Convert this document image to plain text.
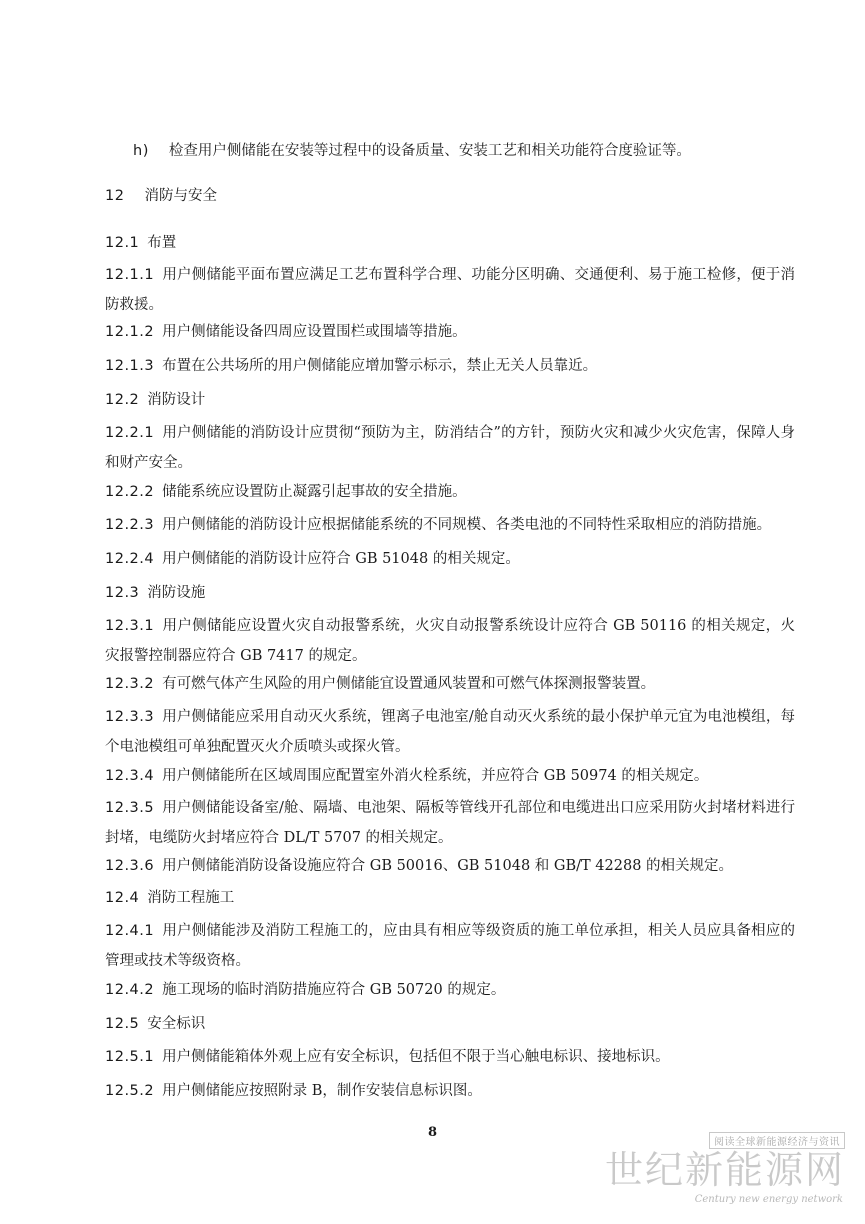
h) 检查用户侧储能在安装等过程中的设备质量、安装工艺和相关功能符合度验证等。
12 消防与安全
12.1 布置
12.1.1 用户侧储能平面布置应满足工艺布置科学合理、功能分区明确、交通便利、易于施工检修，便于消防救援。
12.1.2 用户侧储能设备四周应设置围栏或围墙等措施。
12.1.3 布置在公共场所的用户侧储能应增加警示标示，禁止无关人员靠近。
12.2 消防设计
12.2.1 用户侧储能的消防设计应贯彻“预防为主，防消结合”的方针，预防火灾和减少火灾危害，保障人身和财产安全。
12.2.2 储能系统应设置防止凝露引起事故的安全措施。
12.2.3 用户侧储能的消防设计应根据储能系统的不同规模、各类电池的不同特性采取相应的消防措施。
12.2.4 用户侧储能的消防设计应符合 GB 51048 的相关规定。
12.3 消防设施
12.3.1 用户侧储能应设置火灾自动报警系统，火灾自动报警系统设计应符合 GB 50116 的相关规定，火灾报警控制器应符合 GB 7417 的规定。
12.3.2 有可燃气体产生风险的用户侧储能宜设置通风装置和可燃气体探测报警装置。
12.3.3 用户侧储能应采用自动灭火系统，锂离子电池室/舱自动灭火系统的最小保护单元宜为电池模组，每个电池模组可单独配置灭火介质喷头或探火管。
12.3.4 用户侧储能所在区域周围应配置室外消火栓系统，并应符合 GB 50974 的相关规定。
12.3.5 用户侧储能设备室/舱、隔墙、电池架、隔板等管线开孔部位和电缆进出口应采用防火封堵材料进行封堵，电缆防火封堵应符合 DL/T 5707 的相关规定。
12.3.6 用户侧储能消防设备设施应符合 GB 50016、GB 51048 和 GB/T 42288 的相关规定。
12.4 消防工程施工
12.4.1 用户侧储能涉及消防工程施工的，应由具有相应等级资质的施工单位承担，相关人员应具备相应的管理或技术等级资格。
12.4.2 施工现场的临时消防措施应符合 GB 50720 的规定。
12.5 安全标识
12.5.1 用户侧储能箱体外观上应有安全标识，包括但不限于当心触电标识、接地标识。
12.5.2 用户侧储能应按照附录 B，制作安装信息标识图。
8
阅读全球新能源经济与资讯
世纪新能源网
Century new energy network
